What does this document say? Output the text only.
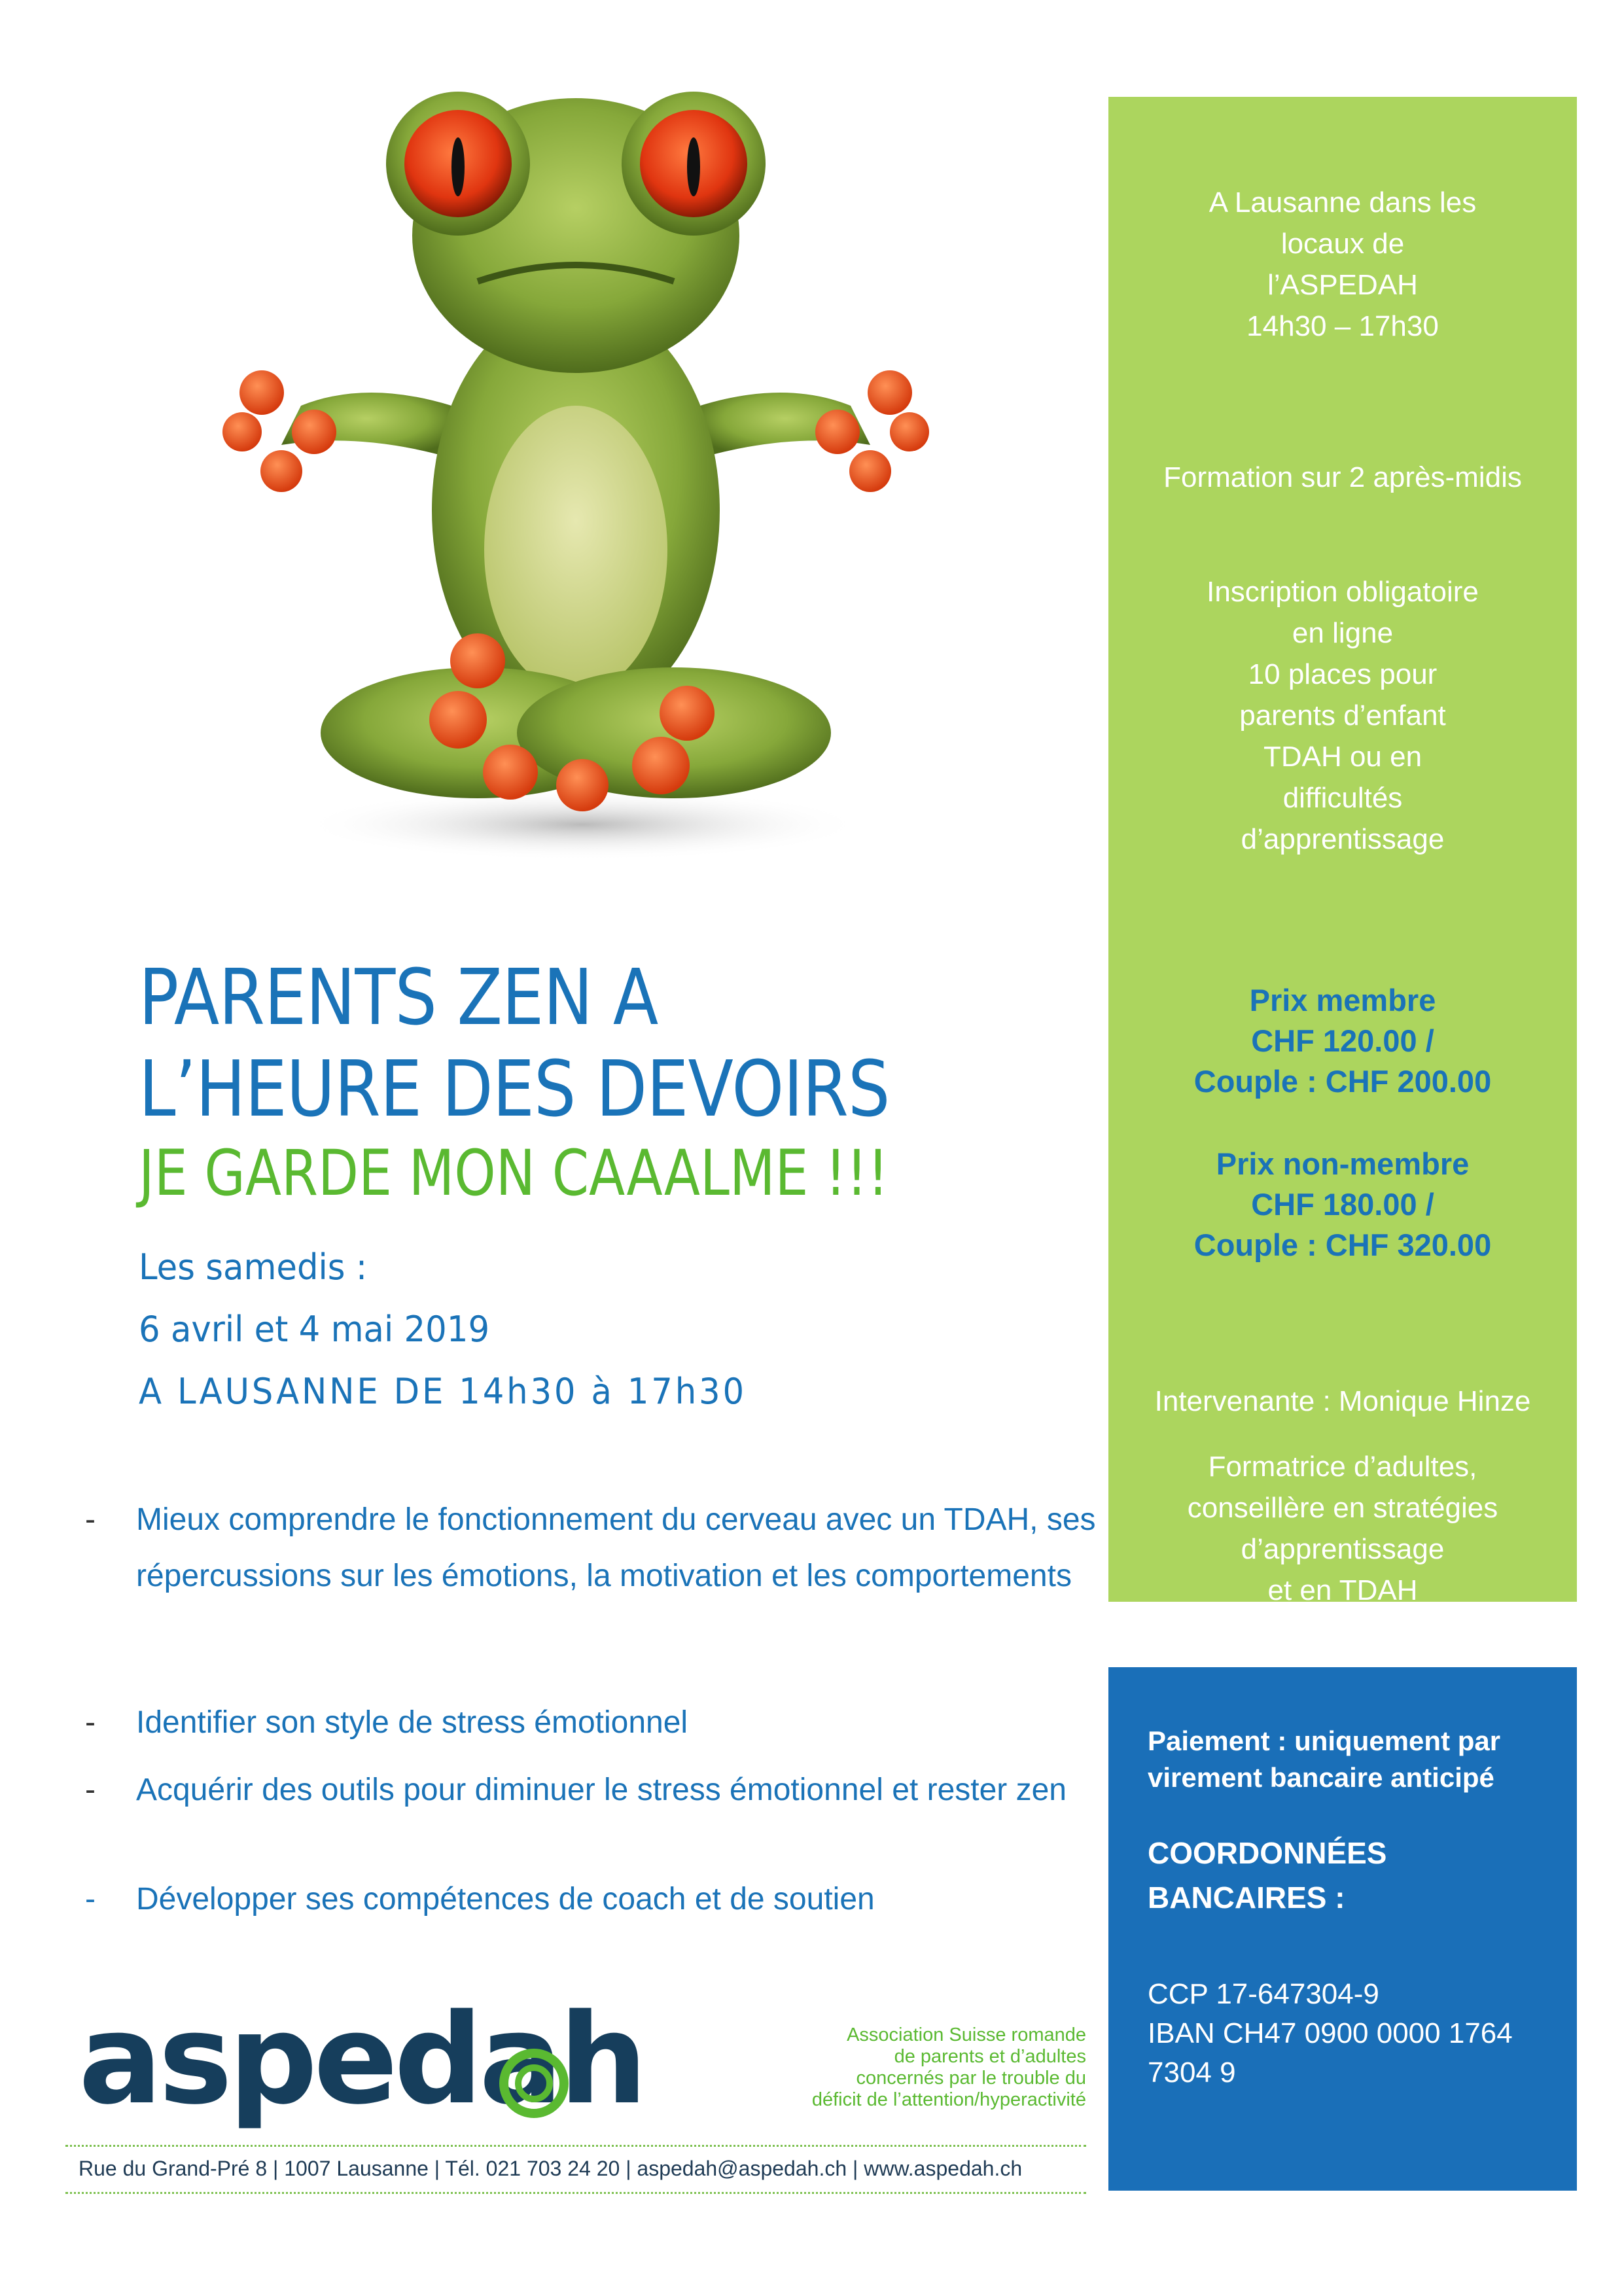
PARENTS ZEN A
L’HEURE DES DEVOIRS
JE GARDE MON CAAALME !!!
Les samedis :
6 avril et 4 mai 2019
A LAUSANNE DE 14h30 à 17h30
- Mieux comprendre le fonctionnement du cerveau avec un TDAH, ses répercussions sur les émotions, la motivation et les comportements
- Identifier son style de stress émotionnel
- Acquérir des outils pour diminuer le stress émotionnel et rester zen
- Développer ses compétences de coach et de soutien
A Lausanne dans les
locaux de
l’ASPEDAH
14h30 – 17h30
Formation sur 2 après-midis
Inscription obligatoire
en ligne
10 places pour
parents d’enfant
TDAH ou en
difficultés
d’apprentissage
Prix membre
CHF 120.00 /
Couple : CHF 200.00
Prix non-membre
CHF 180.00 /
Couple : CHF 320.00
Intervenante : Monique Hinze
Formatrice d’adultes,
conseillère en stratégies
d’apprentissage
et en TDAH
Paiement : uniquement par
virement bancaire anticipé
COORDONNÉES
BANCAIRES :
CCP 17-647304-9
IBAN CH47 0900 0000 1764
7304 9
aspedah	Association Suisse romande
de parents et d’adultes
concernés par le trouble du
déficit de l’attention/hyperactivité
Rue du Grand-Pré 8 | 1007 Lausanne | Tél. 021 703 24 20 | aspedah@aspedah.ch | www.aspedah.ch
